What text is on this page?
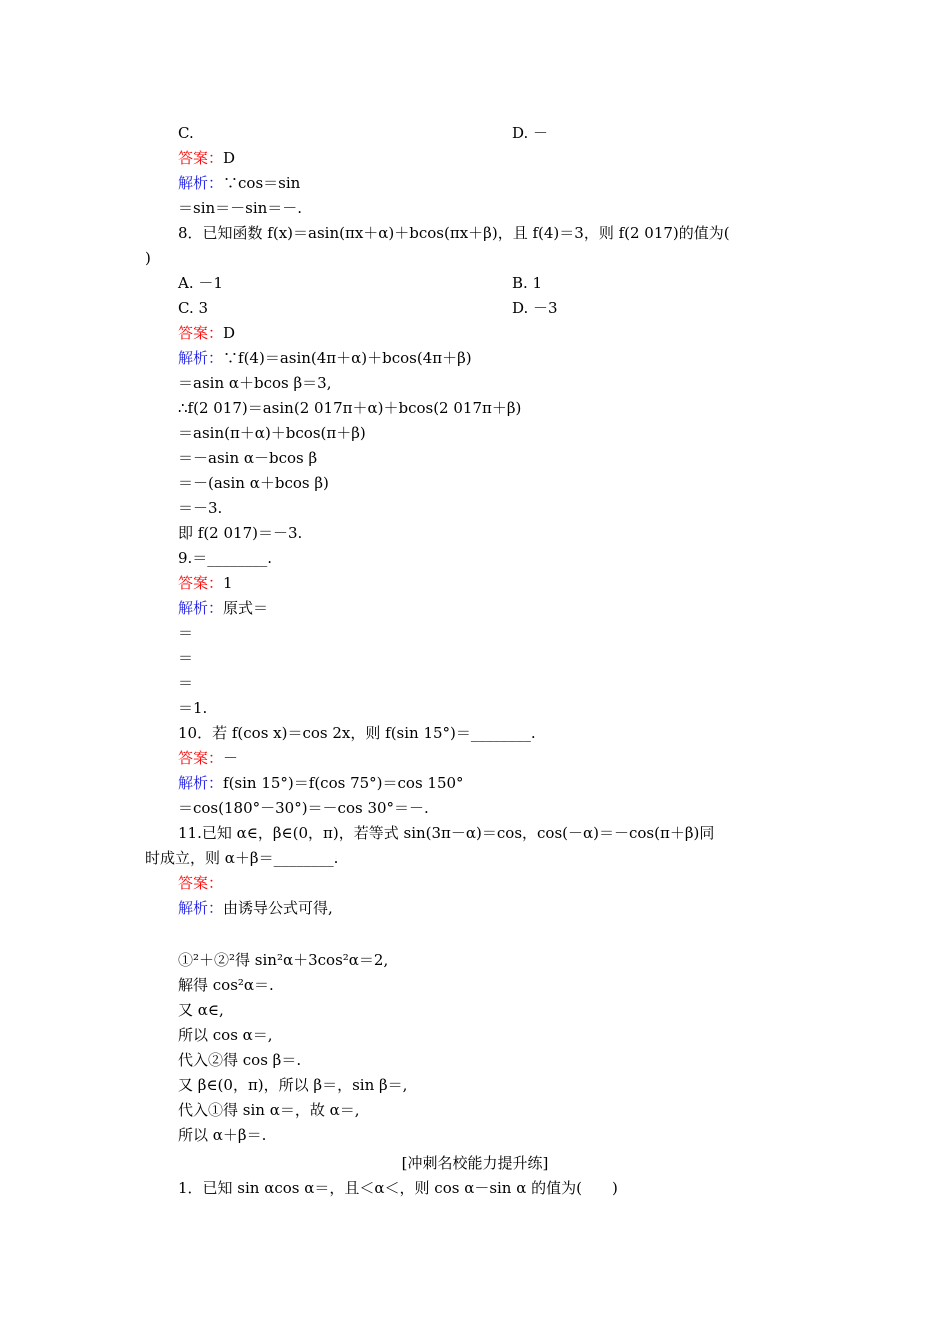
C.	D. －
答案：D
解析：∵cos＝sin
＝sin＝－sin＝－.
8．已知函数 f(x)＝asin(πx＋α)＋bcos(πx＋β)，且 f(4)＝3，则 f(2 017)的值为(
)
A. －1	B. 1
C. 3	D. －3
答案：D
解析：∵f(4)＝asin(4π＋α)＋bcos(4π＋β)
＝asin α＋bcos β＝3,
∴f(2 017)＝asin(2 017π＋α)＋bcos(2 017π＋β)
＝asin(π＋α)＋bcos(π＋β)
＝－asin α－bcos β
＝－(asin α＋bcos β)
＝－3.
即 f(2 017)＝－3.
9.＝________.
答案：1
解析：原式＝
＝
＝
＝
＝1.
10．若 f(cos x)＝cos 2x，则 f(sin 15°)＝________.
答案：－
解析：f(sin 15°)＝f(cos 75°)＝cos 150°
＝cos(180°－30°)＝－cos 30°＝－.
11.已知 α∈，β∈(0，π)，若等式 sin(3π－α)＝cos，cos(－α)＝－cos(π＋β)同
时成立，则 α＋β＝________.
答案：
解析：由诱导公式可得,
①²＋②²得 sin²α＋3cos²α＝2,
解得 cos²α＝.
又 α∈,
所以 cos α＝,
代入②得 cos β＝.
又 β∈(0，π)，所以 β＝，sin β＝,
代入①得 sin α＝，故 α＝,
所以 α＋β＝.
[冲刺名校能力提升练]
1．已知 sin αcos α＝，且＜α＜，则 cos α－sin α 的值为(　　)
